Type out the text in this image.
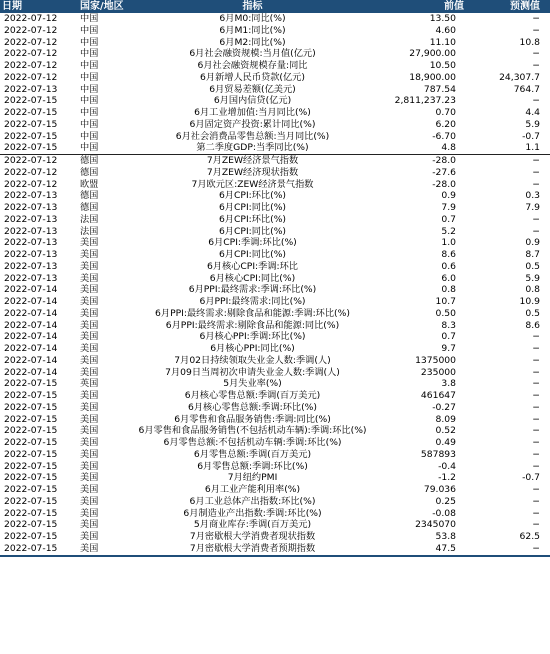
日期	国家/地区	指标	前值	预测值
2022-07-12	中国	6月M0:同比(%)	13.50	−
2022-07-12	中国	6月M1:同比(%)	4.60	−
2022-07-12	中国	6月M2:同比(%)	11.10	10.8
2022-07-12	中国	6月社会融资规模:当月值(亿元)	27,900.00	−
2022-07-12	中国	6月社会融资规模存量:同比	10.50	−
2022-07-12	中国	6月新增人民币贷款(亿元)	18,900.00	24,307.7
2022-07-13	中国	6月贸易差额(亿美元)	787.54	764.7
2022-07-15	中国	6月国内信贷(亿元)	2,811,237.23	−
2022-07-15	中国	6月工业增加值:当月同比(%)	0.70	4.4
2022-07-15	中国	6月固定资产投资:累计同比(%)	6.20	5.9
2022-07-15	中国	6月社会消费品零售总额:当月同比(%)	-6.70	-0.7
2022-07-15	中国	第二季度GDP:当季同比(%)	4.8	1.1
2022-07-12	德国	7月ZEW经济景气指数	-28.0	−
2022-07-12	德国	7月ZEW经济现状指数	-27.6	−
2022-07-12	欧盟	7月欧元区:ZEW经济景气指数	-28.0	−
2022-07-13	德国	6月CPI:环比(%)	0.9	0.3
2022-07-13	德国	6月CPI:同比(%)	7.9	7.9
2022-07-13	法国	6月CPI:环比(%)	0.7	−
2022-07-13	法国	6月CPI:同比(%)	5.2	−
2022-07-13	美国	6月CPI:季调:环比(%)	1.0	0.9
2022-07-13	美国	6月CPI:同比(%)	8.6	8.7
2022-07-13	美国	6月核心CPI:季调:环比	0.6	0.5
2022-07-13	美国	6月核心CPI:同比(%)	6.0	5.9
2022-07-14	美国	6月PPI:最终需求:季调:环比(%)	0.8	0.8
2022-07-14	美国	6月PPI:最终需求:同比(%)	10.7	10.9
2022-07-14	美国	6月PPI:最终需求:剔除食品和能源:季调:环比(%)	0.50	0.5
2022-07-14	美国	6月PPI:最终需求:剔除食品和能源:同比(%)	8.3	8.6
2022-07-14	美国	6月核心PPI:季调:环比(%)	0.7	−
2022-07-14	美国	6月核心PPI:同比(%)	9.7	−
2022-07-14	美国	7月02日持续领取失业金人数:季调(人)	1375000	−
2022-07-14	美国	7月09日当周初次申请失业金人数:季调(人)	235000	−
2022-07-15	英国	5月失业率(%)	3.8	−
2022-07-15	美国	6月核心零售总额:季调(百万美元)	461647	−
2022-07-15	美国	6月核心零售总额:季调:环比(%)	-0.27	−
2022-07-15	美国	6月零售和食品服务销售:季调:同比(%)	8.09	−
2022-07-15	美国	6月零售和食品服务销售(不包括机动车辆):季调:环比(%)	0.52	−
2022-07-15	美国	6月零售总额:不包括机动车辆:季调:环比(%)	0.49	−
2022-07-15	美国	6月零售总额:季调(百万美元)	587893	−
2022-07-15	美国	6月零售总额:季调:环比(%)	-0.4	−
2022-07-15	美国	7月纽约PMI	-1.2	-0.7
2022-07-15	美国	6月工业产能利用率(%)	79.036	−
2022-07-15	美国	6月工业总体产出指数:环比(%)	0.25	−
2022-07-15	美国	6月制造业产出指数:季调:环比(%)	-0.08	−
2022-07-15	美国	5月商业库存:季调(百万美元)	2345070	−
2022-07-15	美国	7月密歇根大学消费者现状指数	53.8	62.5
2022-07-15	美国	7月密歇根大学消费者预期指数	47.5	−
